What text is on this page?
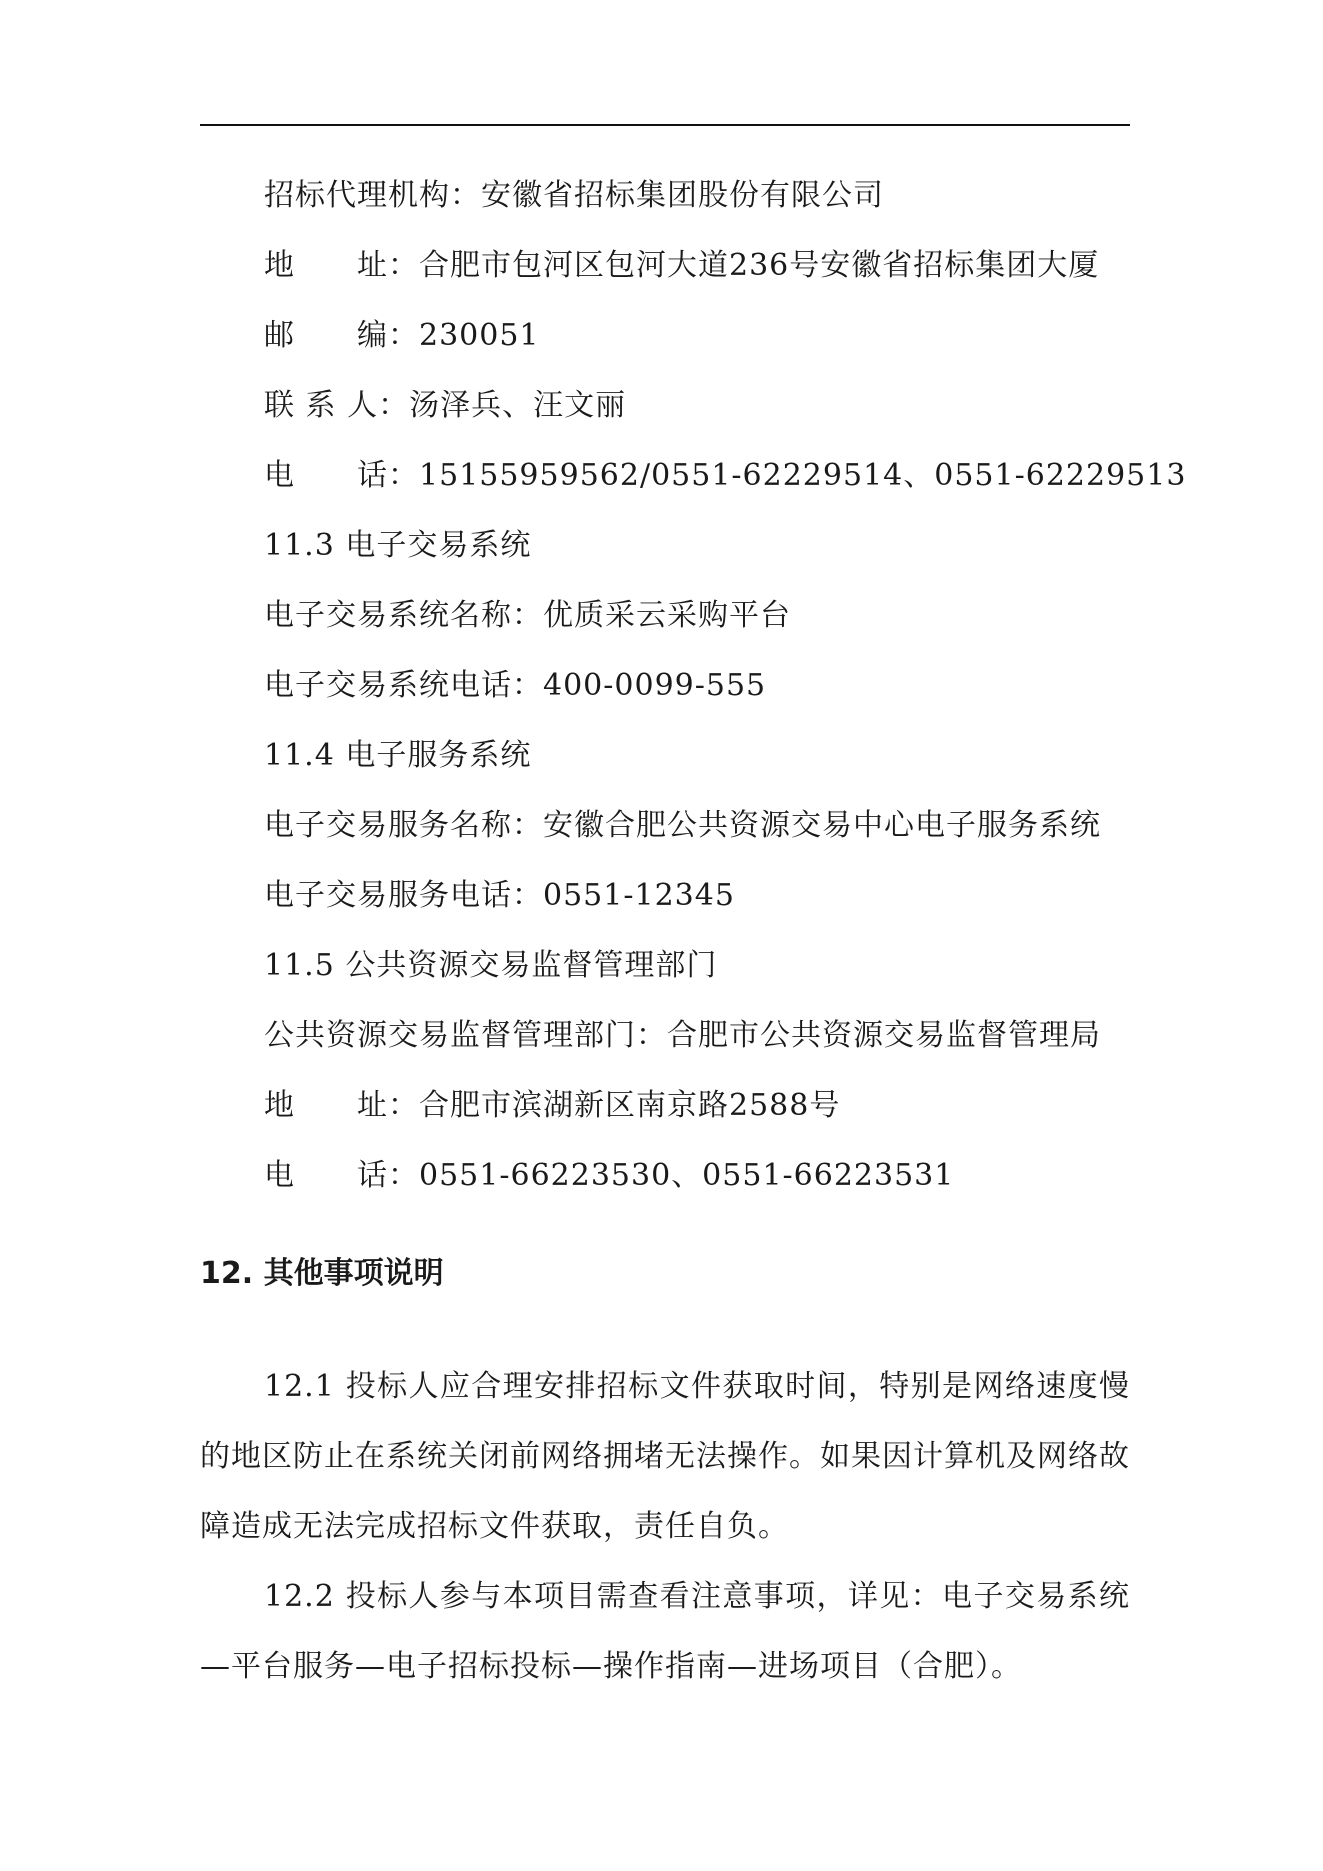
招标代理机构：安徽省招标集团股份有限公司
地　　址：合肥市包河区包河大道236号安徽省招标集团大厦
邮　　编：230051
联 系 人：汤泽兵、汪文丽
电　　话：15155959562/0551-62229514、0551-62229513
11.3 电子交易系统
电子交易系统名称：优质采云采购平台
电子交易系统电话：400-0099-555
11.4 电子服务系统
电子交易服务名称：安徽合肥公共资源交易中心电子服务系统
电子交易服务电话：0551-12345
11.5 公共资源交易监督管理部门
公共资源交易监督管理部门：合肥市公共资源交易监督管理局
地　　址：合肥市滨湖新区南京路2588号
电　　话：0551-66223530、0551-66223531
12. 其他事项说明
12.1 投标人应合理安排招标文件获取时间，特别是网络速度慢的地区防止在系统关闭前网络拥堵无法操作。如果因计算机及网络故障造成无法完成招标文件获取，责任自负。
12.2 投标人参与本项目需查看注意事项，详见：电子交易系统—平台服务—电子招标投标—操作指南—进场项目（合肥）。
